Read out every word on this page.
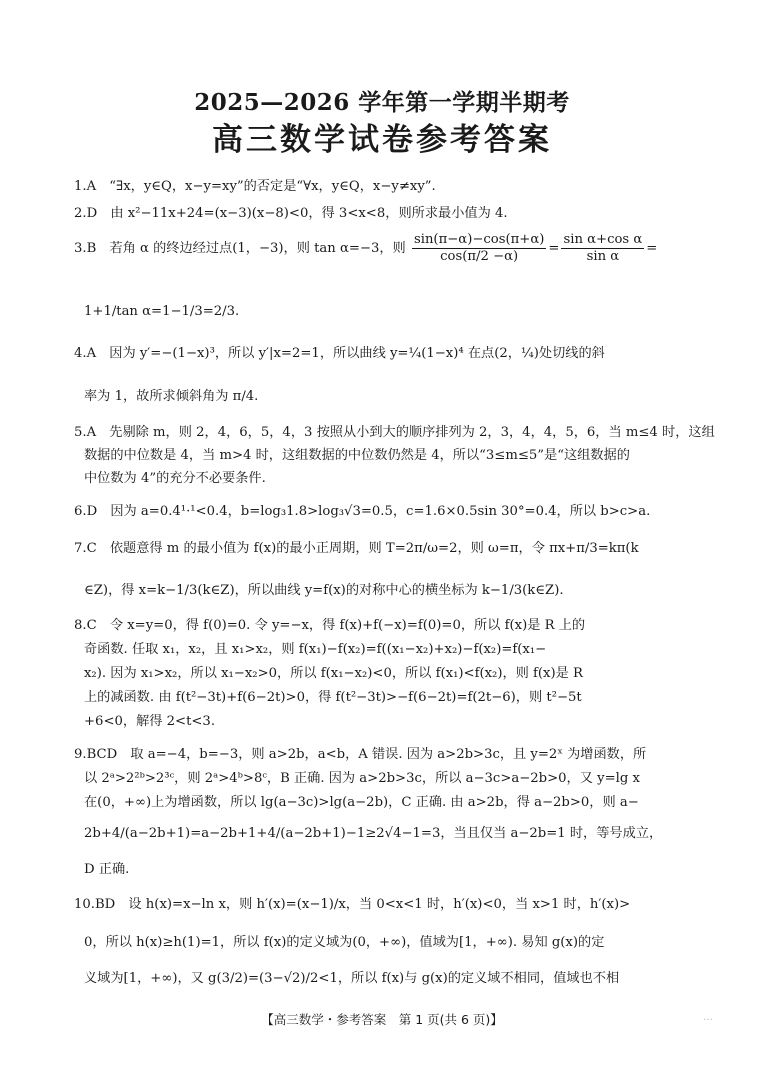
2025—2026 学年第一学期半期考
高三数学试卷参考答案
1.A　“∃x，y∈Q，x−y=xy”的否定是“∀x，y∈Q，x−y≠xy”.
2.D　由 x²−11x+24=(x−3)(x−8)<0，得 3<x<8，则所求最小值为 4.
3.B　若角 α 的终边经过点(1，−3)，则 tan α=−3，则 $\frac{\sin(\pi-\alpha)-\cos(\pi+\alpha)}{\cos(\pi/2 -\alpha)} = \frac{\text{sin α+cos α}}{\text{sin α}}$ =
1+1/tan α=1−1/3=2/3.
4.A　因为 y′=−(1−x)³，所以 y′|x=2=1，所以曲线 y=¼(1−x)⁴ 在点(2，¼)处切线的斜
率为 1，故所求倾斜角为 π/4.
5.A　先剔除 m，则 2，4，6，5，4，3 按照从小到大的顺序排列为 2，3，4，4，5，6，当 m≤4 时，这组
数据的中位数是 4，当 m>4 时，这组数据的中位数仍然是 4，所以“3≤m≤5”是“这组数据的
中位数为 4”的充分不必要条件.
6.D　因为 a=0.4¹·¹<0.4，b=log₃1.8>log₃√3=0.5，c=1.6×0.5sin 30°=0.4，所以 b>c>a.
7.C　依题意得 m 的最小值为 f(x)的最小正周期，则 T=2π/ω=2，则 ω=π，令 πx+π/3=kπ(k
∈Z)，得 x=k−1/3(k∈Z)，所以曲线 y=f(x)的对称中心的横坐标为 k−1/3(k∈Z).
8.C　令 x=y=0，得 f(0)=0. 令 y=−x，得 f(x)+f(−x)=f(0)=0，所以 f(x)是 R 上的
奇函数. 任取 x₁，x₂，且 x₁>x₂，则 f(x₁)−f(x₂)=f((x₁−x₂)+x₂)−f(x₂)=f(x₁−
x₂). 因为 x₁>x₂，所以 x₁−x₂>0，所以 f(x₁−x₂)<0，所以 f(x₁)<f(x₂)，则 f(x)是 R
上的减函数. 由 f(t²−3t)+f(6−2t)>0，得 f(t²−3t)>−f(6−2t)=f(2t−6)，则 t²−5t
+6<0，解得 2<t<3.
9.BCD　取 a=−4，b=−3，则 a>2b，a<b，A 错误. 因为 a>2b>3c，且 y=2ˣ 为增函数，所
以 2ᵃ>2²ᵇ>2³ᶜ，则 2ᵃ>4ᵇ>8ᶜ，B 正确. 因为 a>2b>3c，所以 a−3c>a−2b>0，又 y=lg x
在(0，+∞)上为增函数，所以 lg(a−3c)>lg(a−2b)，C 正确. 由 a>2b，得 a−2b>0，则 a−
2b+4/(a−2b+1)=a−2b+1+4/(a−2b+1)−1≥2√4−1=3，当且仅当 a−2b=1 时，等号成立，
D 正确.
10.BD　设 h(x)=x−ln x，则 h′(x)=(x−1)/x，当 0<x<1 时，h′(x)<0，当 x>1 时，h′(x)>
0，所以 h(x)≥h(1)=1，所以 f(x)的定义域为(0，+∞)，值域为[1，+∞). 易知 g(x)的定
义域为[1，+∞)，又 g(3/2)=(3−√2)/2<1，所以 f(x)与 g(x)的定义域不相同，值域也不相
【高三数学・参考答案　第 1 页(共 6 页)】	…
